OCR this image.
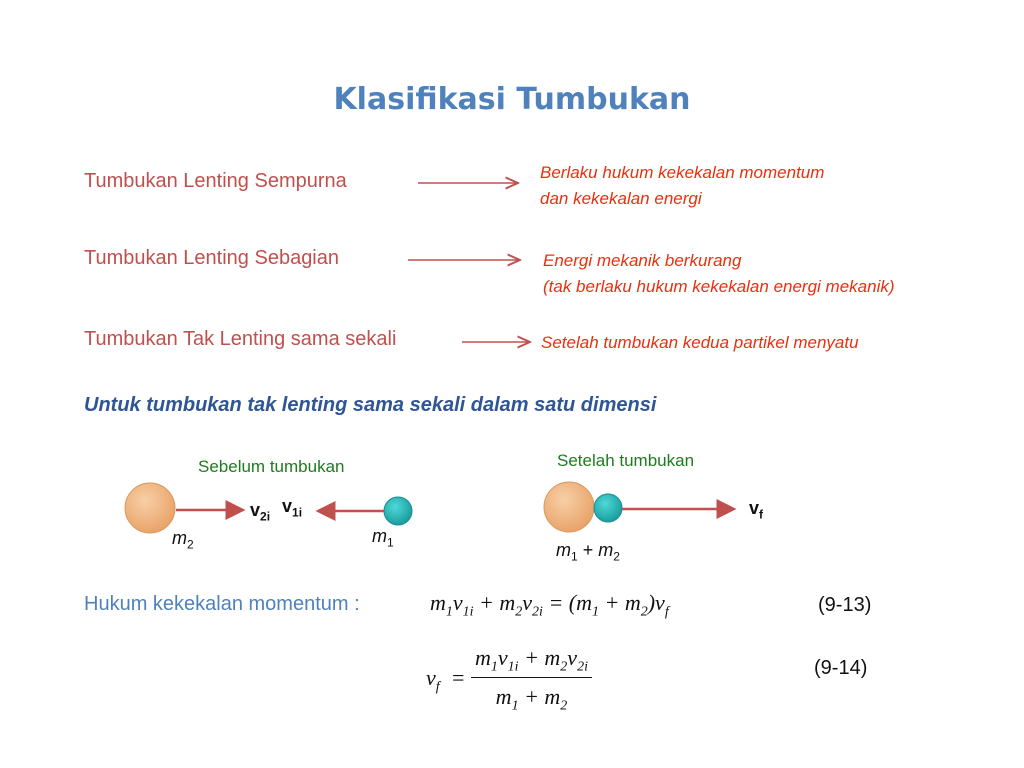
Klasifikasi Tumbukan
Tumbukan Lenting Sempurna	Berlaku hukum kekekalan momentum
dan kekekalan energi
Tumbukan Lenting Sebagian	Energi mekanik berkurang
(tak berlaku hukum kekekalan energi mekanik)
Tumbukan Tak Lenting sama sekali	Setelah tumbukan kedua partikel menyatu
Untuk tumbukan tak lenting sama sekali dalam satu dimensi
Sebelum tumbukan
$m_2$
$v_{2i}$
$v_{1i}$
$m_1$
Setelah tumbukan
$m_1 + m_2$
$v_f$
Hukum kekekalan momentum :	$m_1v_{1i} + m_2v_{2i} = (m_1 + m_2)v_f$	(9-13)
$v_f = \frac{m_1v_{1i} + m_2v_{2i}}{m_1 + m_2}$	(9-14)
